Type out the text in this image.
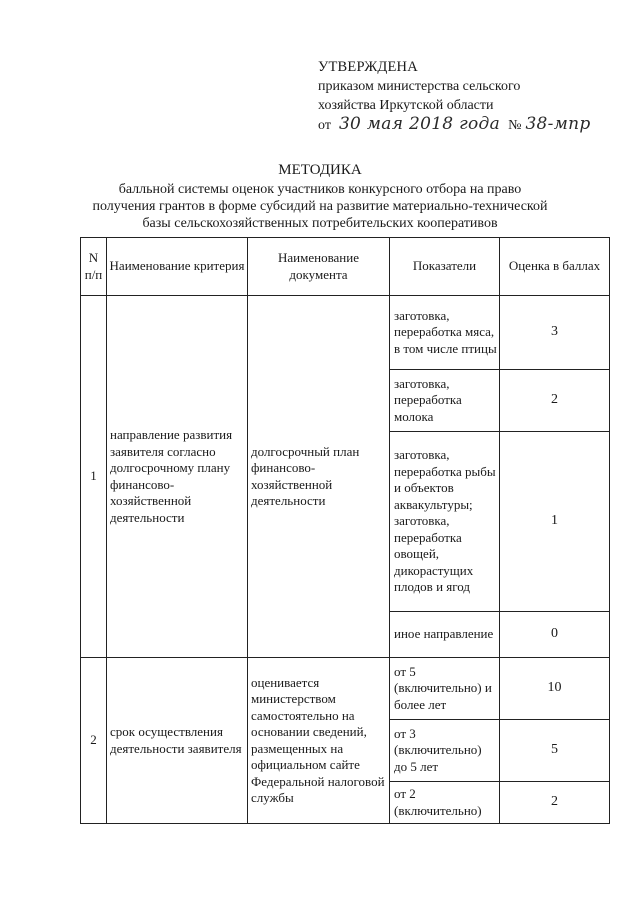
УТВЕРЖДЕНА
приказом министерства сельского
хозяйства Иркутской области
от 30 мая 2018 года № 38-мпр
МЕТОДИКА
балльной системы оценок участников конкурсного отбора на право
получения грантов в форме субсидий на развитие материально-технической
базы сельскохозяйственных потребительских кооперативов
N
п/п	Наименование критерия	Наименование документа	Показатели	Оценка в баллах
1	направление развития заявителя согласно долгосрочному плану финансово-хозяйственной деятельности	долгосрочный план финансово-хозяйственной деятельности	заготовка, переработка мяса, в том числе птицы	3
			заготовка, переработка молока	2
			заготовка, переработка рыбы и объектов аквакультуры; заготовка, переработка овощей, дикорастущих плодов и ягод	1
			иное направление	0
2	срок осуществления деятельности заявителя	оценивается министерством самостоятельно на основании сведений, размещенных на официальном сайте Федеральной налоговой службы	от 5 (включительно) и более лет	10
			от 3 (включительно) до 5 лет	5
			от 2 (включительно)	2
